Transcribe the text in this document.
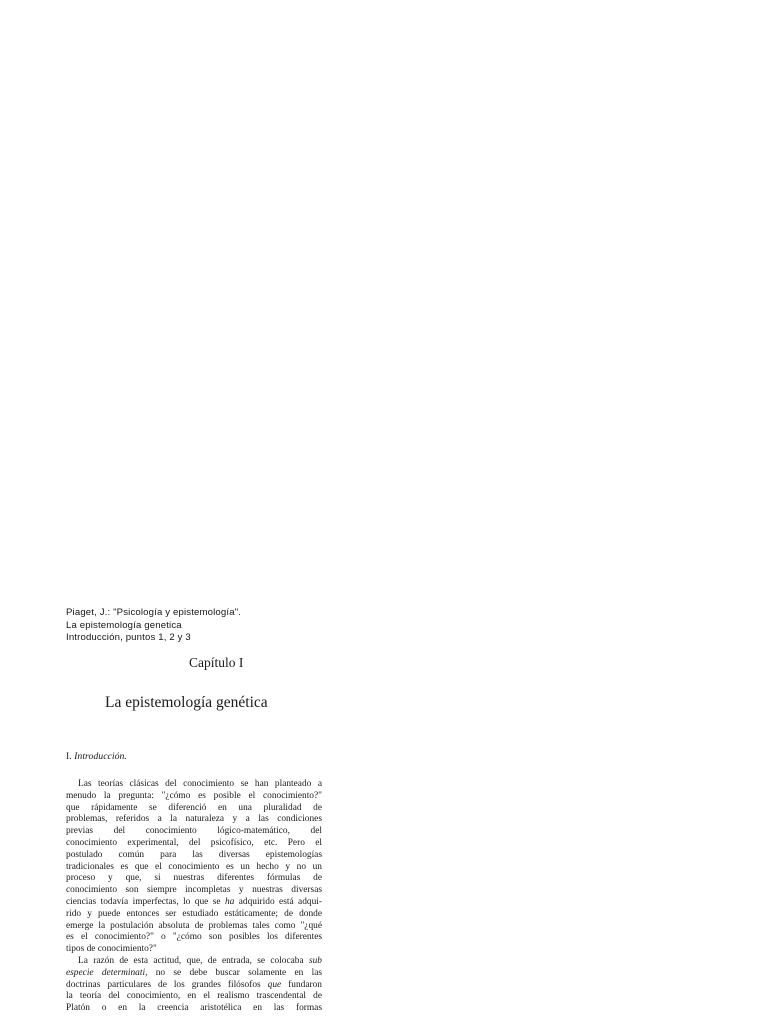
Piaget, J.: "Psicología y epistemología".
La epistemología genetica
Introducción, puntos 1, 2 y 3
Capítulo I
La epistemología genética
I. Introducción.
Las teorías clásicas del conocimiento se han planteado a
menudo la pregunta: "¿cómo es posible el conocimiento?"
que rápidamente se diferenció en una pluralidad de
problemas, referidos a la naturaleza y a las condiciones
previas del conocimiento lógico-matemático, del
conocimiento experimental, del psicofísico, etc. Pero el
postulado común para las diversas epistemologías
tradicionales es que el conocimiento es un hecho y no un
proceso y que, si nuestras diferentes fórmulas de
conocimiento son siempre incompletas y nuestras diversas
ciencias todavía imperfectas, lo que se ha adquirido está adqui-
rido y puede entonces ser estudiado estáticamente; de donde
emerge la postulación absoluta de problemas tales como "¿qué
es el conocimiento?" o "¿cómo son posibles los diferentes
tipos de conocimiento?"
La razón de esta actitud, que, de entrada, se colocaba sub
especie determinati, no se debe buscar solamente en las
doctrinas particulares de los grandes filósofos que fundaron
la teoría del conocimiento, en el realismo trascendental de
Platón o en la creencia aristotélica en las formas
